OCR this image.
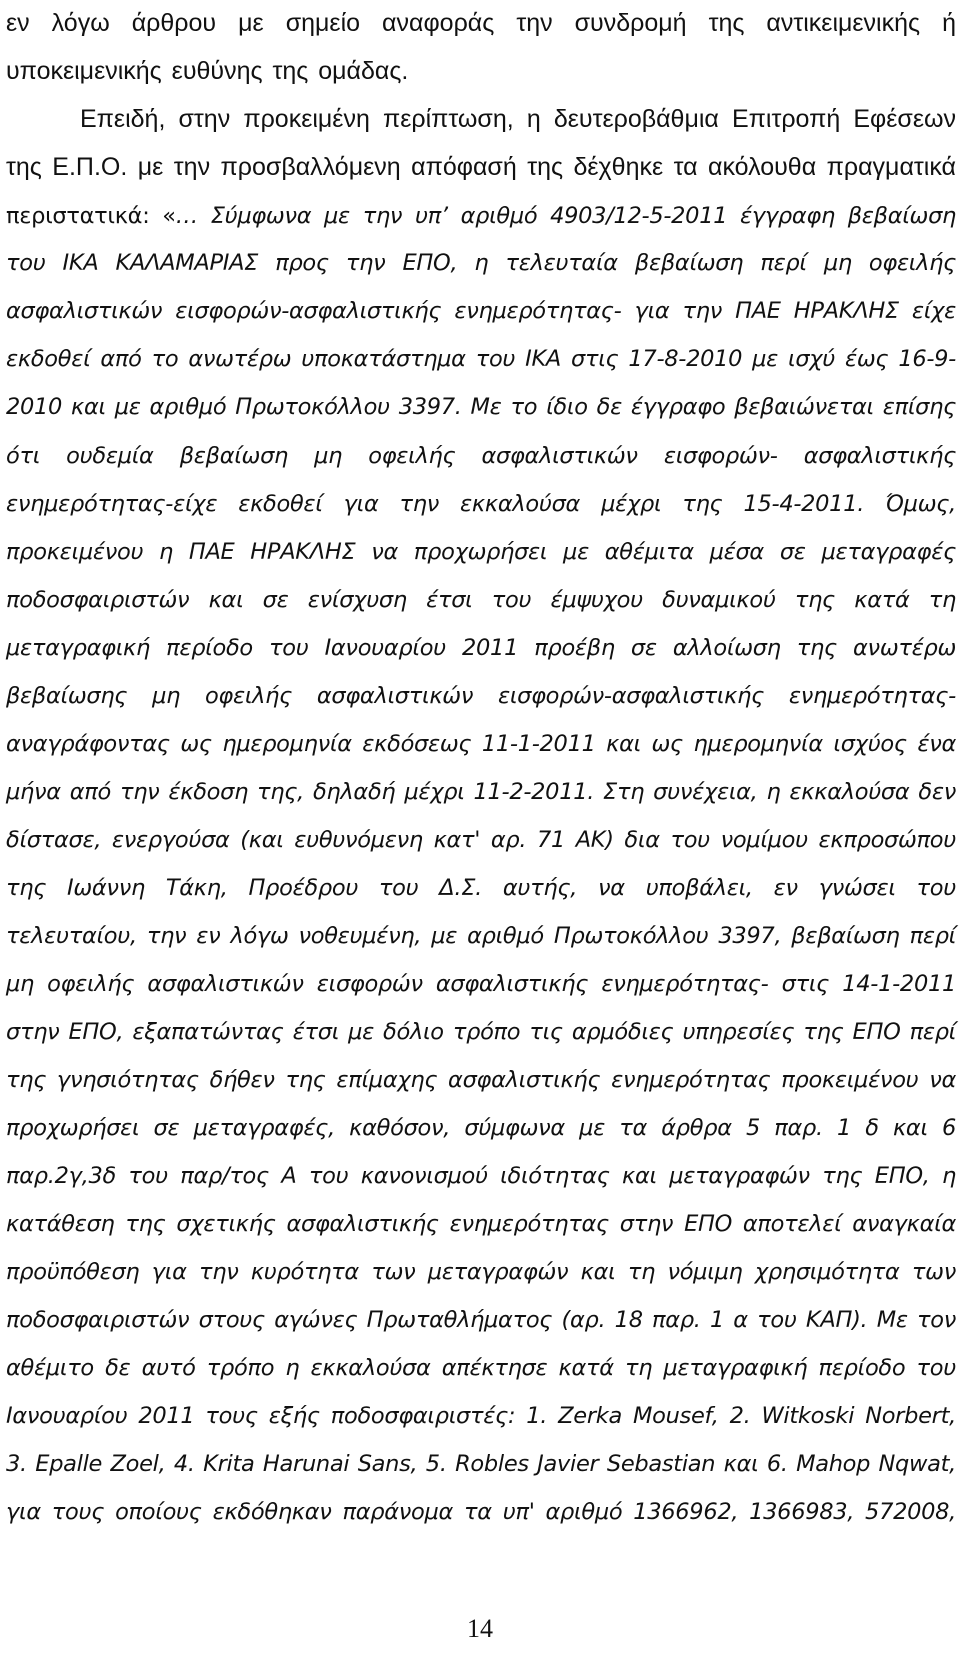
εν λόγω άρθρου με σημείο αναφοράς την συνδρομή της αντικειμενικής ή
υποκειμενικής ευθύνης της ομάδας.
Επειδή, στην προκειμένη περίπτωση, η δευτεροβάθμια Επιτροπή Εφέσεων
της Ε.Π.Ο. με την προσβαλλόμενη απόφασή της δέχθηκε τα ακόλουθα πραγματικά
περιστατικά: «… Σύμφωνα με την υπ’ αριθμό 4903/12-5-2011 έγγραφη βεβαίωση
του ΙΚΑ ΚΑΛΑΜΑΡΙΑΣ προς την ΕΠΟ, η τελευταία βεβαίωση περί μη οφειλής
ασφαλιστικών εισφορών-ασφαλιστικής ενημερότητας- για την ΠΑΕ ΗΡΑΚΛΗΣ είχε
εκδοθεί από το ανωτέρω υποκατάστημα του ΙΚΑ στις 17-8-2010 με ισχύ έως 16-9-
2010 και με αριθμό Πρωτοκόλλου 3397. Με το ίδιο δε έγγραφο βεβαιώνεται επίσης
ότι ουδεμία βεβαίωση μη οφειλής ασφαλιστικών εισφορών- ασφαλιστικής
ενημερότητας-είχε εκδοθεί για την εκκαλούσα μέχρι της 15-4-2011. Όμως,
προκειμένου η ΠΑΕ ΗΡΑΚΛΗΣ να προχωρήσει με αθέμιτα μέσα σε μεταγραφές
ποδοσφαιριστών και σε ενίσχυση έτσι του έμψυχου δυναμικού της κατά τη
μεταγραφική περίοδο του Ιανουαρίου 2011 προέβη σε αλλοίωση της ανωτέρω
βεβαίωσης μη οφειλής ασφαλιστικών εισφορών-ασφαλιστικής ενημερότητας-
αναγράφοντας ως ημερομηνία εκδόσεως 11-1-2011 και ως ημερομηνία ισχύος ένα
μήνα από την έκδοση της, δηλαδή μέχρι 11-2-2011. Στη συνέχεια, η εκκαλούσα δεν
δίστασε, ενεργούσα (και ευθυνόμενη κατ' αρ. 71 ΑΚ) δια του νομίμου εκπροσώπου
της Ιωάννη Τάκη, Προέδρου του Δ.Σ. αυτής, να υποβάλει, εν γνώσει του
τελευταίου, την εν λόγω νοθευμένη, με αριθμό Πρωτοκόλλου 3397, βεβαίωση περί
μη οφειλής ασφαλιστικών εισφορών ασφαλιστικής ενημερότητας- στις 14-1-2011
στην ΕΠΟ, εξαπατώντας έτσι με δόλιο τρόπο τις αρμόδιες υπηρεσίες της ΕΠΟ περί
της γνησιότητας δήθεν της επίμαχης ασφαλιστικής ενημερότητας προκειμένου να
προχωρήσει σε μεταγραφές, καθόσον, σύμφωνα με τα άρθρα 5 παρ. 1 δ και 6
παρ.2γ,3δ του παρ/τος Α του κανονισμού ιδιότητας και μεταγραφών της ΕΠΟ, η
κατάθεση της σχετικής ασφαλιστικής ενημερότητας στην ΕΠΟ αποτελεί αναγκαία
προϋπόθεση για την κυρότητα των μεταγραφών και τη νόμιμη χρησιμότητα των
ποδοσφαιριστών στους αγώνες Πρωταθλήματος (αρ. 18 παρ. 1 α του ΚΑΠ). Με τον
αθέμιτο δε αυτό τρόπο η εκκαλούσα απέκτησε κατά τη μεταγραφική περίοδο του
Ιανουαρίου 2011 τους εξής ποδοσφαιριστές: 1. Zerka Mousef, 2. Witkoski Norbert,
3. Epalle Zoel, 4. Krita Harunai Sans, 5. Robles Javier Sebastian και 6. Mahop Nqwat,
για τους οποίους εκδόθηκαν παράνομα τα υπ' αριθμό 1366962, 1366983, 572008,
14
